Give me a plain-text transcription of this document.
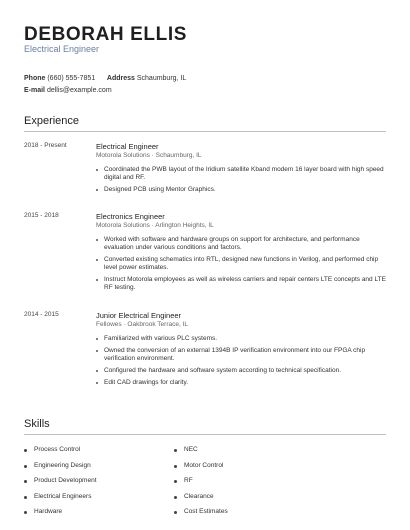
DEBORAH ELLIS
Electrical Engineer
Phone (660) 555-7851 Address Schaumburg, IL
E-mail dellis@example.com
Experience
2018 - Present	Electrical Engineer
Motorola Solutions · Schaumburg, IL
Coordinated the PWB layout of the Iridium satellite Kband modem 16 layer board with high speed digital and RF.
Designed PCB using Mentor Graphics.
2015 - 2018	Electronics Engineer
Motorola Solutions · Arlington Heights, IL
Worked with software and hardware groups on support for architecture, and performance evaluation under various conditions and factors.
Converted existing schematics into RTL, designed new functions in Verilog, and performed chip level power estimates.
Instruct Motorola employees as well as wireless carriers and repair centers LTE concepts and LTE RF testing.
2014 - 2015	Junior Electrical Engineer
Fellowes · Oakbrook Terrace, IL
Familiarized with various PLC systems.
Owned the conversion of an external 1394B IP verification environment into our FPGA chip verification environment.
Configured the hardware and software system according to technical specification.
Edit CAD drawings for clarity.
Skills
Process Control
Engineering Design
Product Development
Electrical Engineers
Hardware
NEC
Motor Control
RF
Clearance
Cost Estimates
